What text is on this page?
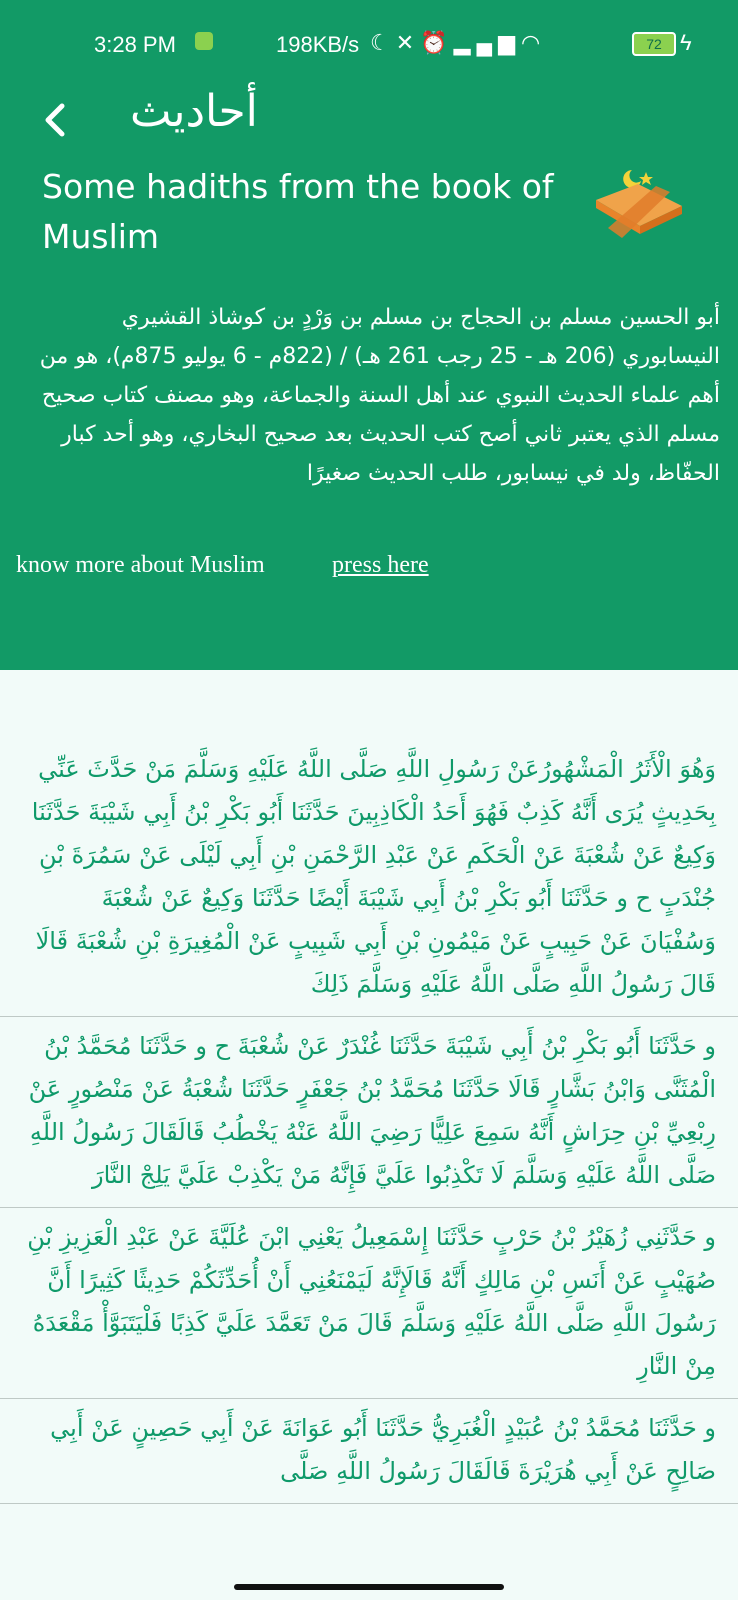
3:28 PM	198KB/s ☾✕⏰▂▄▆◠	72 ϟ
أحاديث
Some hadiths from the book of Muslim
أبو الحسين مسلم بن الحجاج بن مسلم بن وَرْدٍ بن كوشاذ القشيري النيسابوري (206 هـ - 25 رجب 261 هـ) / (822م - 6 يوليو 875م)، هو من أهم علماء الحديث النبوي عند أهل السنة والجماعة، وهو مصنف كتاب صحيح مسلم الذي يعتبر ثاني أصح كتب الحديث بعد صحيح البخاري، وهو أحد كبار الحفّاظ، ولد في نيسابور، طلب الحديث صغيرًا
know more about Muslim	press here

وَهُوَ الْأَثَرُ الْمَشْهُورُعَنْ رَسُولِ اللَّهِ صَلَّى اللَّهُ عَلَيْهِ وَسَلَّمَ مَنْ حَدَّثَ عَنِّي بِحَدِيثٍ يُرَى أَنَّهُ كَذِبٌ فَهُوَ أَحَدُ الْكَاذِبِينَ حَدَّثَنَا أَبُو بَكْرِ بْنُ أَبِي شَيْبَةَ حَدَّثَنَا وَكِيعٌ عَنْ شُعْبَةَ عَنْ الْحَكَمِ عَنْ عَبْدِ الرَّحْمَنِ بْنِ أَبِي لَيْلَى عَنْ سَمُرَةَ بْنِ جُنْدَبٍ ح و حَدَّثَنَا أَبُو بَكْرِ بْنُ أَبِي شَيْبَةَ أَيْضًا حَدَّثَنَا وَكِيعٌ عَنْ شُعْبَةَ وَسُفْيَانَ عَنْ حَبِيبٍ عَنْ مَيْمُونِ بْنِ أَبِي شَبِيبٍ عَنْ الْمُغِيرَةِ بْنِ شُعْبَةَ قَالَا قَالَ رَسُولُ اللَّهِ صَلَّى اللَّهُ عَلَيْهِ وَسَلَّمَ ذَلِكَ

و حَدَّثَنَا أَبُو بَكْرِ بْنُ أَبِي شَيْبَةَ حَدَّثَنَا غُنْدَرٌ عَنْ شُعْبَةَ ح و حَدَّثَنَا مُحَمَّدُ بْنُ الْمُثَنَّى وَابْنُ بَشَّارٍ قَالَا حَدَّثَنَا مُحَمَّدُ بْنُ جَعْفَرٍ حَدَّثَنَا شُعْبَةُ عَنْ مَنْصُورٍ عَنْ رِبْعِيِّ بْنِ حِرَاشٍ أَنَّهُ سَمِعَ عَلِيًّا رَضِيَ اللَّهُ عَنْهُ يَخْطُبُ قَالَقَالَ رَسُولُ اللَّهِ صَلَّى اللَّهُ عَلَيْهِ وَسَلَّمَ لَا تَكْذِبُوا عَلَيَّ فَإِنَّهُ مَنْ يَكْذِبْ عَلَيَّ يَلِجْ النَّارَ

و حَدَّثَنِي زُهَيْرُ بْنُ حَرْبٍ حَدَّثَنَا إِسْمَعِيلُ يَعْنِي ابْنَ عُلَيَّةَ عَنْ عَبْدِ الْعَزِيزِ بْنِ صُهَيْبٍ عَنْ أَنَسِ بْنِ مَالِكٍ أَنَّهُ قَالَإِنَّهُ لَيَمْنَعُنِي أَنْ أُحَدِّثَكُمْ حَدِيثًا كَثِيرًا أَنَّ رَسُولَ اللَّهِ صَلَّى اللَّهُ عَلَيْهِ وَسَلَّمَ قَالَ مَنْ تَعَمَّدَ عَلَيَّ كَذِبًا فَلْيَتَبَوَّأْ مَقْعَدَهُ مِنْ النَّارِ

و حَدَّثَنَا مُحَمَّدُ بْنُ عُبَيْدٍ الْغُبَرِيُّ حَدَّثَنَا أَبُو عَوَانَةَ عَنْ أَبِي حَصِينٍ عَنْ أَبِي صَالِحٍ عَنْ أَبِي هُرَيْرَةَ قَالَقَالَ رَسُولُ اللَّهِ صَلَّى
